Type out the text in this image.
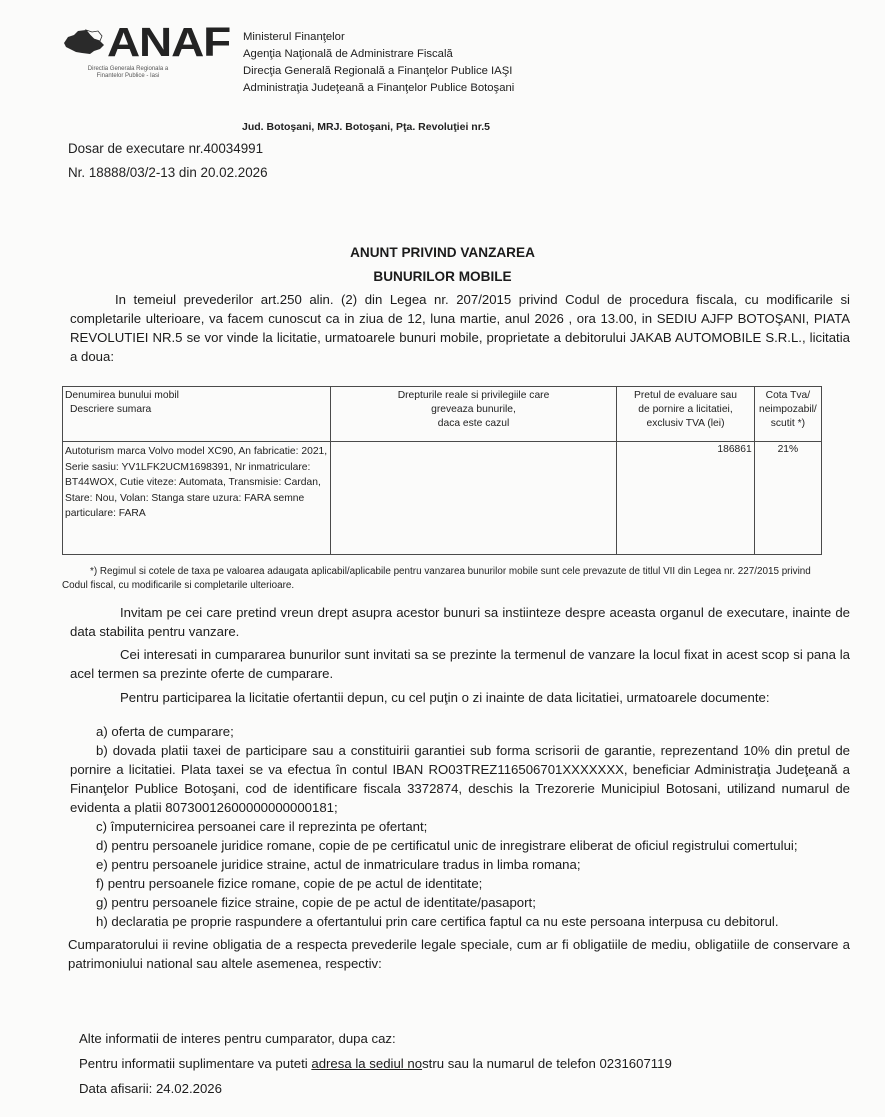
ANAF
Directia Generala Regionala a Finantelor Publice - Iasi
Ministerul Finanţelor
Agenţia Naţională de Administrare Fiscală
Direcţia Generală Regională a Finanţelor Publice IAŞI
Administraţia Judeţeană a Finanţelor Publice Botoşani
Jud. Botoşani, MRJ. Botoşani, Pţa. Revoluţiei nr.5
Dosar de executare nr.40034991
Nr. 18888/03/2-13 din 20.02.2026
ANUNT PRIVIND VANZAREA
BUNURILOR MOBILE
In temeiul prevederilor art.250 alin. (2) din Legea nr. 207/2015 privind Codul de procedura fiscala, cu modificarile si completarile ulterioare, va facem cunoscut ca in ziua de 12, luna martie, anul 2026 , ora 13.00, in SEDIU AJFP BOTOŞANI, PIATA REVOLUTIEI NR.5 se vor vinde la licitatie, urmatoarele bunuri mobile, proprietate a debitorului JAKAB AUTOMOBILE S.R.L., licitatia a doua:
Denumirea bunului mobil
Descriere sumara

Drepturile reale si privilegiile care
greveaza bunurile,
daca este cazul

Pretul de evaluare sau
de pornire a licitatiei,
exclusiv TVA (lei)

Cota Tva/
neimpozabil/
scutit *)

Autoturism marca Volvo model XC90, An fabricatie: 2021, Serie sasiu: YV1LFK2UCM1698391, Nr inmatriculare: BT44WOX, Cutie viteze: Automata, Transmisie: Cardan, Stare: Nou, Volan: Stanga stare uzura: FARA semne particulare: FARA		186861	21%
*) Regimul si cotele de taxa pe valoarea adaugata aplicabil/aplicabile pentru vanzarea bunurilor mobile sunt cele prevazute de titlul VII din Legea nr. 227/2015 privind Codul fiscal, cu modificarile si completarile ulterioare.
Invitam pe cei care pretind vreun drept asupra acestor bunuri sa instiinteze despre aceasta organul de executare, inainte de data stabilita pentru vanzare.
Cei interesati in cumpararea bunurilor sunt invitati sa se prezinte la termenul de vanzare la locul fixat in acest scop si pana la acel termen sa prezinte oferte de cumparare.
Pentru participarea la licitatie ofertantii depun, cu cel puţin o zi inainte de data licitatiei, urmatoarele documente:
a) oferta de cumparare;
b) dovada platii taxei de participare sau a constituirii garantiei sub forma scrisorii de garantie, reprezentand 10% din pretul de pornire a licitatiei. Plata taxei se va efectua în contul IBAN RO03TREZ116506701XXXXXXX, beneficiar Administraţia Judeţeană a Finanţelor Publice Botoşani, cod de identificare fiscala 3372874, deschis la Trezorerie Municipiul Botosani, utilizand numarul de evidenta a platii 80730012600000000000181;
c) împuternicirea persoanei care il reprezinta pe ofertant;
d) pentru persoanele juridice romane, copie de pe certificatul unic de inregistrare eliberat de oficiul registrului comertului;
e) pentru persoanele juridice straine, actul de inmatriculare tradus in limba romana;
f) pentru persoanele fizice romane, copie de pe actul de identitate;
g) pentru persoanele fizice straine, copie de pe actul de identitate/pasaport;
h) declaratia pe proprie raspundere a ofertantului prin care certifica faptul ca nu este persoana interpusa cu debitorul.
Cumparatorului ii revine obligatia de a respecta prevederile legale speciale, cum ar fi obligatiile de mediu, obligatiile de conservare a patrimoniului national sau altele asemenea, respectiv:
Alte informatii de interes pentru cumparator, dupa caz:
Pentru informatii suplimentare va puteti adresa la sediul nostru sau la numarul de telefon 0231607119
Data afisarii: 24.02.2026
